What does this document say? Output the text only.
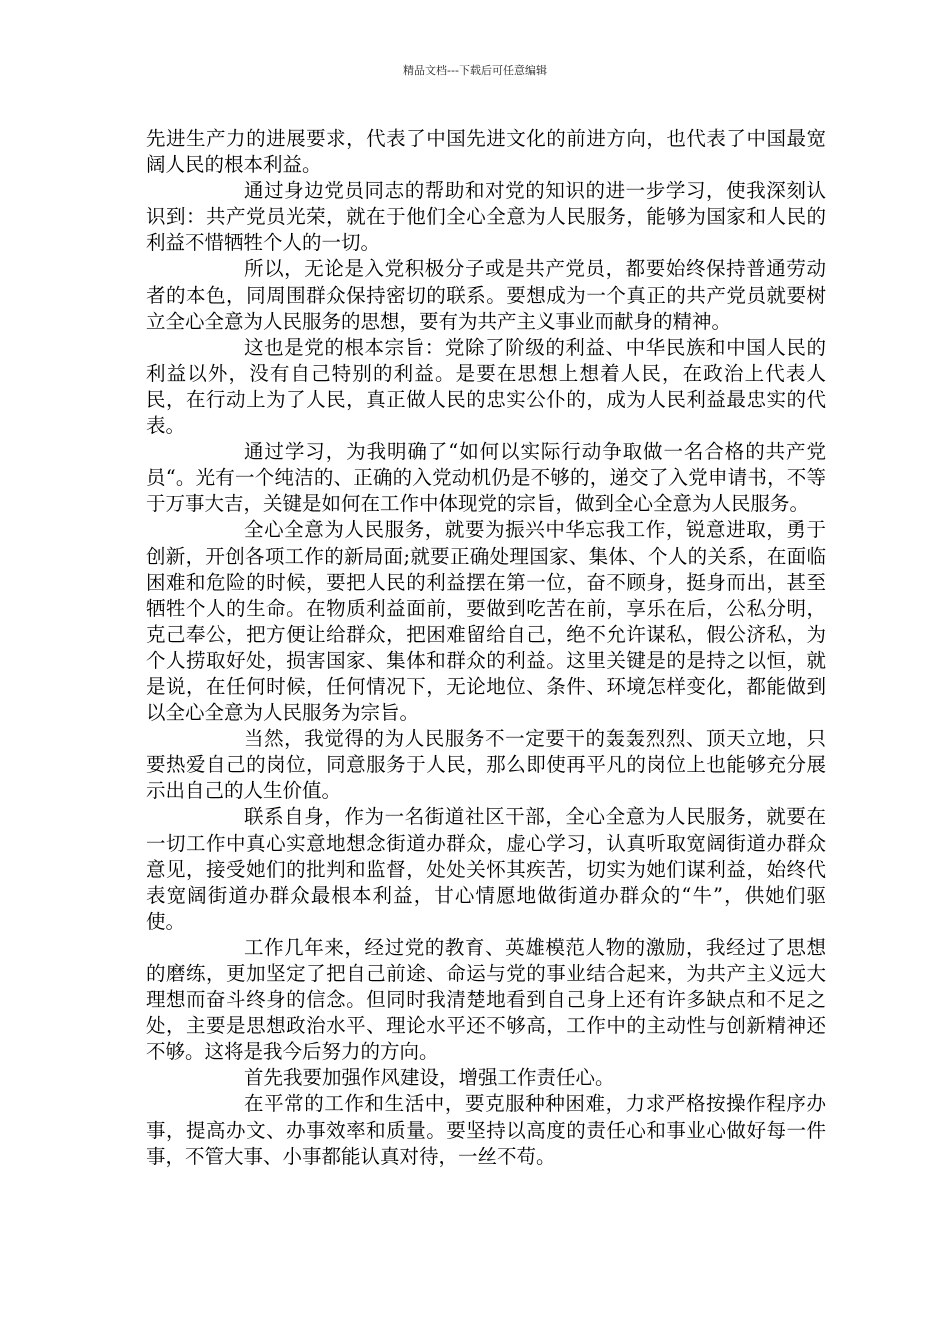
精品文档---下载后可任意编辑

先进生产力的进展要求，代表了中国先进文化的前进方向，也代表了中国最宽阔人民的根本利益。

通过身边党员同志的帮助和对党的知识的进一步学习，使我深刻认识到：共产党员光荣，就在于他们全心全意为人民服务，能够为国家和人民的利益不惜牺牲个人的一切。

所以，无论是入党积极分子或是共产党员，都要始终保持普通劳动者的本色，同周围群众保持密切的联系。要想成为一个真正的共产党员就要树立全心全意为人民服务的思想，要有为共产主义事业而献身的精神。

这也是党的根本宗旨：党除了阶级的利益、中华民族和中国人民的利益以外，没有自己特别的利益。是要在思想上想着人民，在政治上代表人民，在行动上为了人民，真正做人民的忠实公仆的，成为人民利益最忠实的代表。

通过学习，为我明确了“如何以实际行动争取做一名合格的共产党员“。光有一个纯洁的、正确的入党动机仍是不够的，递交了入党申请书，不等于万事大吉，关键是如何在工作中体现党的宗旨，做到全心全意为人民服务。

全心全意为人民服务，就要为振兴中华忘我工作，锐意进取，勇于创新，开创各项工作的新局面;就要正确处理国家、集体、个人的关系，在面临困难和危险的时候，要把人民的利益摆在第一位，奋不顾身，挺身而出，甚至牺牲个人的生命。在物质利益面前，要做到吃苦在前，享乐在后，公私分明，克己奉公，把方便让给群众，把困难留给自己，绝不允许谋私，假公济私，为个人捞取好处，损害国家、集体和群众的利益。这里关键是的是持之以恒，就是说，在任何时候，任何情况下，无论地位、条件、环境怎样变化，都能做到以全心全意为人民服务为宗旨。

当然，我觉得的为人民服务不一定要干的轰轰烈烈、顶天立地，只要热爱自己的岗位，同意服务于人民，那么即使再平凡的岗位上也能够充分展示出自己的人生价值。

联系自身，作为一名街道社区干部，全心全意为人民服务，就要在一切工作中真心实意地想念街道办群众，虚心学习，认真听取宽阔街道办群众意见，接受她们的批判和监督，处处关怀其疾苦，切实为她们谋利益，始终代表宽阔街道办群众最根本利益，甘心情愿地做街道办群众的“牛”，供她们驱使。

工作几年来，经过党的教育、英雄模范人物的激励，我经过了思想的磨练，更加坚定了把自己前途、命运与党的事业结合起来，为共产主义远大理想而奋斗终身的信念。但同时我清楚地看到自己身上还有许多缺点和不足之处，主要是思想政治水平、理论水平还不够高，工作中的主动性与创新精神还不够。这将是我今后努力的方向。

首先我要加强作风建设，增强工作责任心。

在平常的工作和生活中，要克服种种困难，力求严格按操作程序办事，提高办文、办事效率和质量。要坚持以高度的责任心和事业心做好每一件事，不管大事、小事都能认真对待，一丝不苟。
